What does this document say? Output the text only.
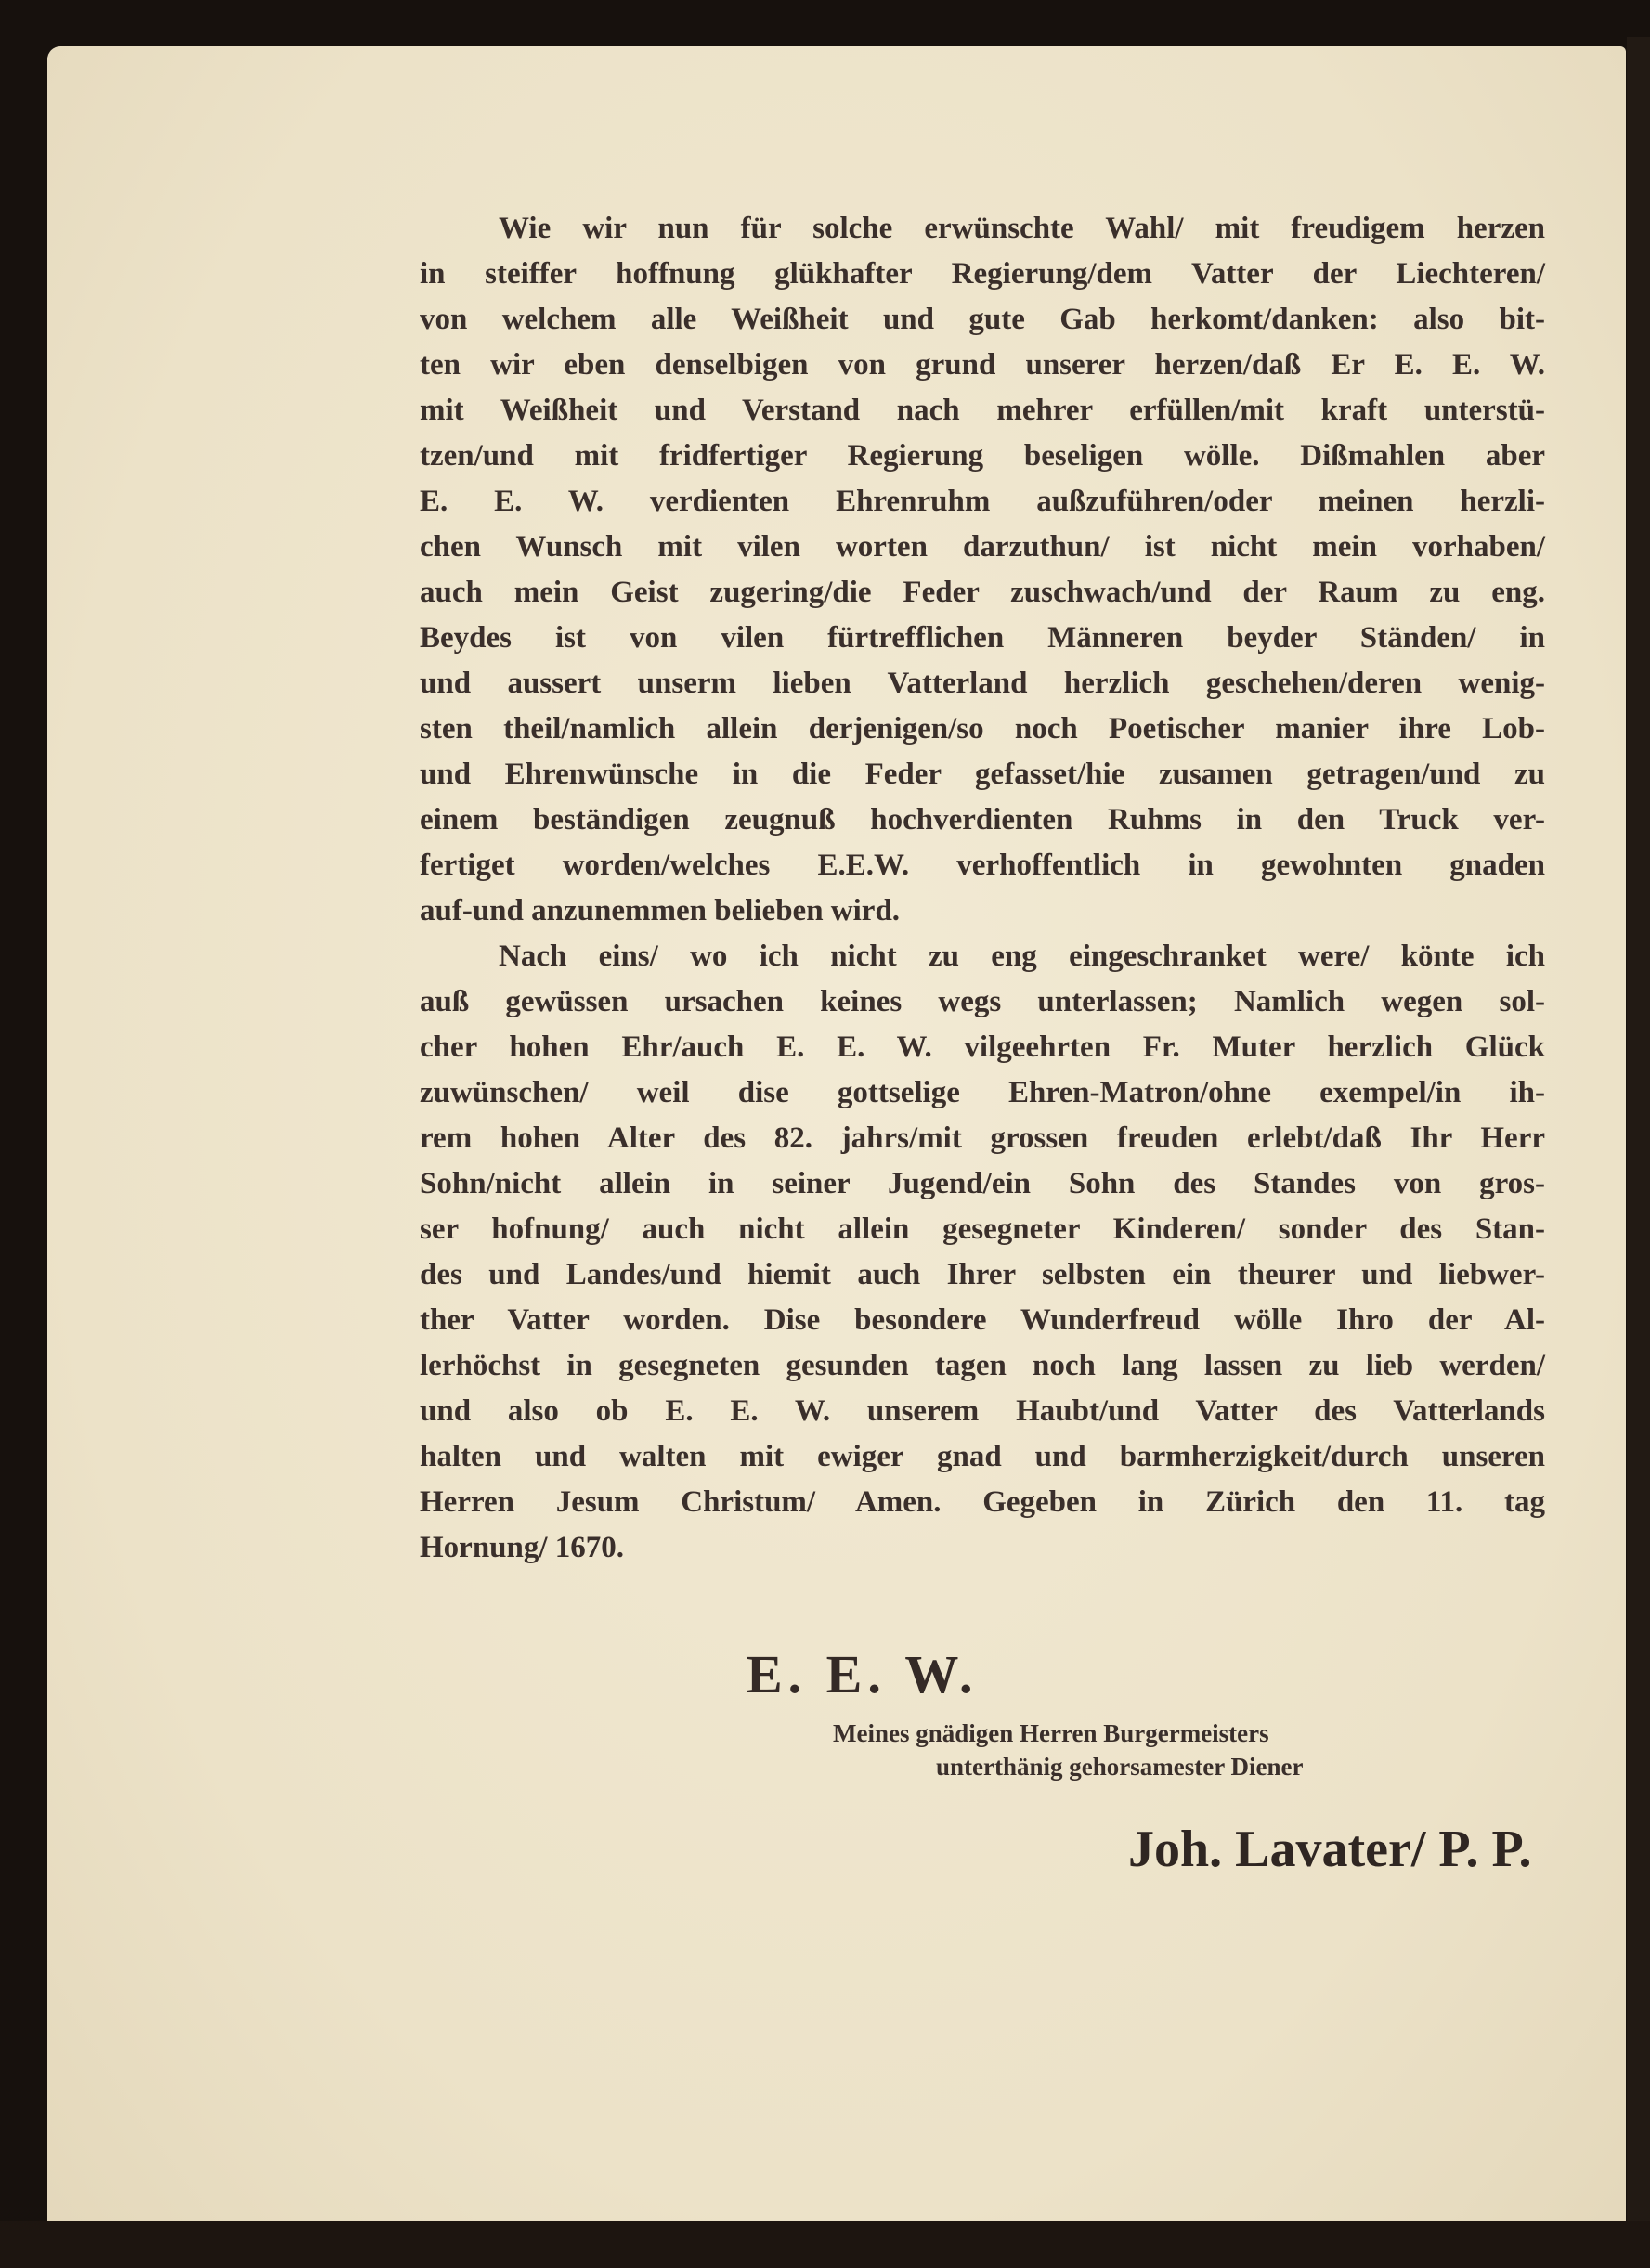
Wie wir nun für solche erwünschte Wahl/ mit freudigem herzen
in steiffer hoffnung glükhafter Regierung/dem Vatter der Liechteren/
von welchem alle Weißheit und gute Gab herkomt/danken: also bit-
ten wir eben denselbigen von grund unserer herzen/daß Er E. E. W.
mit Weißheit und Verstand nach mehrer erfüllen/mit kraft unterstü-
tzen/und mit fridfertiger Regierung beseligen wölle. Dißmahlen aber
E. E. W. verdienten Ehrenruhm außzuführen/oder meinen herzli-
chen Wunsch mit vilen worten darzuthun/ ist nicht mein vorhaben/
auch mein Geist zugering/die Feder zuschwach/und der Raum zu eng.
Beydes ist von vilen fürtrefflichen Männeren beyder Ständen/ in
und aussert unserm lieben Vatterland herzlich geschehen/deren wenig-
sten theil/namlich allein derjenigen/so noch Poetischer manier ihre Lob-
und Ehrenwünsche in die Feder gefasset/hie zusamen getragen/und zu
einem beständigen zeugnuß hochverdienten Ruhms in den Truck ver-
fertiget worden/welches E.E.W. verhoffentlich in gewohnten gnaden
auf-und anzunemmen belieben wird.
Nach eins/ wo ich nicht zu eng eingeschranket were/ könte ich
auß gewüssen ursachen keines wegs unterlassen; Namlich wegen sol-
cher hohen Ehr/auch E. E. W. vilgeehrten Fr. Muter herzlich Glück
zuwünschen/ weil dise gottselige Ehren-Matron/ohne exempel/in ih-
rem hohen Alter des 82. jahrs/mit grossen freuden erlebt/daß Ihr Herr
Sohn/nicht allein in seiner Jugend/ein Sohn des Standes von gros-
ser hofnung/ auch nicht allein gesegneter Kinderen/ sonder des Stan-
des und Landes/und hiemit auch Ihrer selbsten ein theurer und liebwer-
ther Vatter worden. Dise besondere Wunderfreud wölle Ihro der Al-
lerhöchst in gesegneten gesunden tagen noch lang lassen zu lieb werden/
und also ob E. E. W. unserem Haubt/und Vatter des Vatterlands
halten und walten mit ewiger gnad und barmherzigkeit/durch unseren
Herren Jesum Christum/ Amen. Gegeben in Zürich den 11. tag
Hornung/ 1670.
E. E. W.
Meines gnädigen Herren Burgermeisters
unterthänig gehorsamester Diener
Joh. Lavater/ P. P.
